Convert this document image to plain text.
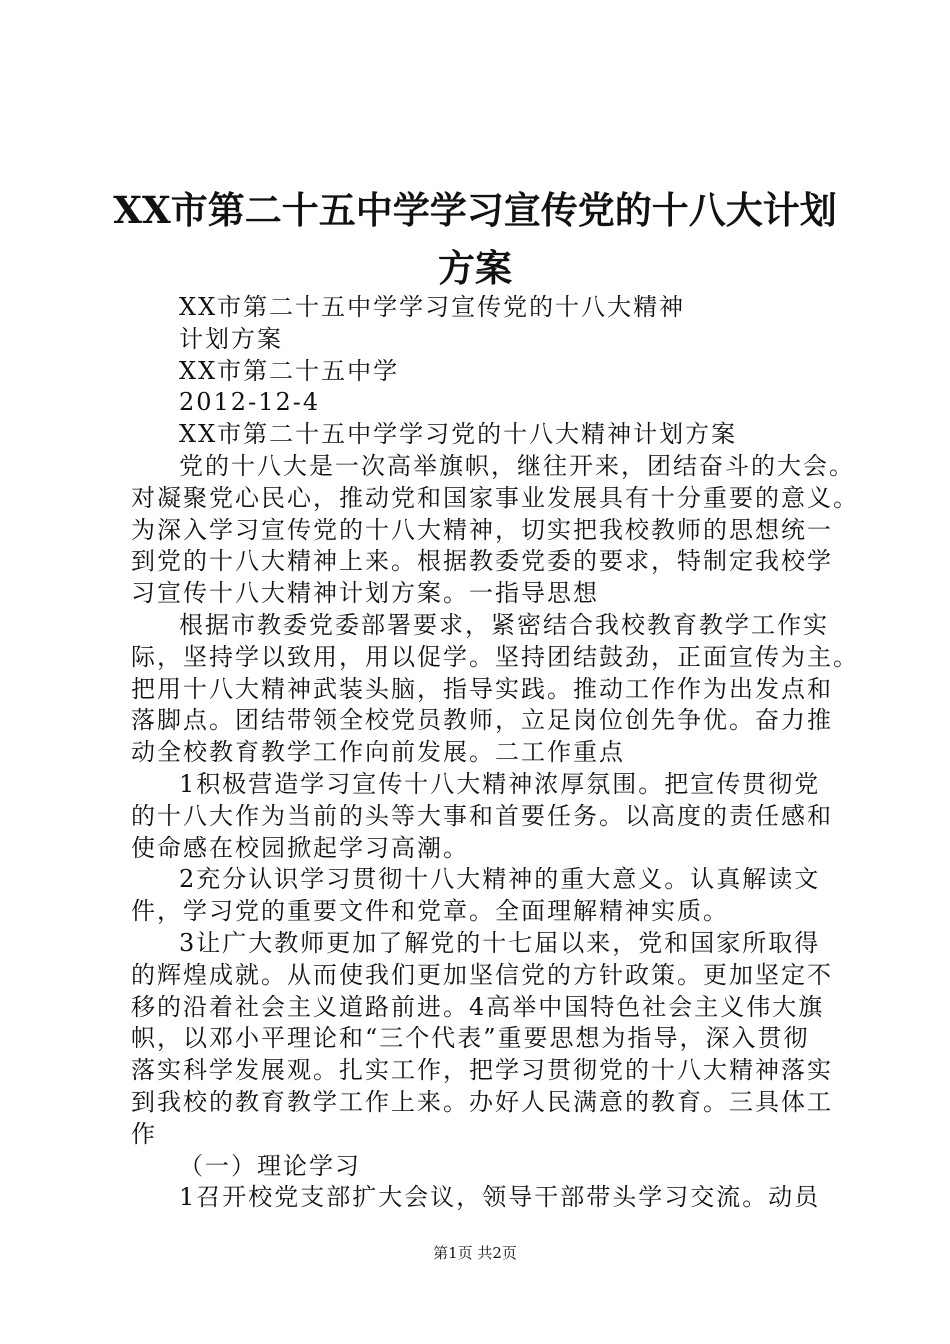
XX市第二十五中学学习宣传党的十八大计划
方案
XX市第二十五中学学习宣传党的十八大精神
计划方案
XX市第二十五中学
2012-12-4
XX市第二十五中学学习党的十八大精神计划方案
党的十八大是一次高举旗帜，继往开来，团结奋斗的大会。
对凝聚党心民心，推动党和国家事业发展具有十分重要的意义。
为深入学习宣传党的十八大精神，切实把我校教师的思想统一
到党的十八大精神上来。根据教委党委的要求，特制定我校学
习宣传十八大精神计划方案。一指导思想
根据市教委党委部署要求，紧密结合我校教育教学工作实
际，坚持学以致用，用以促学。坚持团结鼓劲，正面宣传为主。
把用十八大精神武装头脑，指导实践。推动工作作为出发点和
落脚点。团结带领全校党员教师，立足岗位创先争优。奋力推
动全校教育教学工作向前发展。二工作重点
1积极营造学习宣传十八大精神浓厚氛围。把宣传贯彻党
的十八大作为当前的头等大事和首要任务。以高度的责任感和
使命感在校园掀起学习高潮。
2充分认识学习贯彻十八大精神的重大意义。认真解读文
件，学习党的重要文件和党章。全面理解精神实质。
3让广大教师更加了解党的十七届以来，党和国家所取得
的辉煌成就。从而使我们更加坚信党的方针政策。更加坚定不
移的沿着社会主义道路前进。4高举中国特色社会主义伟大旗
帜，以邓小平理论和“三个代表”重要思想为指导，深入贯彻
落实科学发展观。扎实工作，把学习贯彻党的十八大精神落实
到我校的教育教学工作上来。办好人民满意的教育。三具体工
作
（一）理论学习
1召开校党支部扩大会议，领导干部带头学习交流。动员
第1页 共2页
